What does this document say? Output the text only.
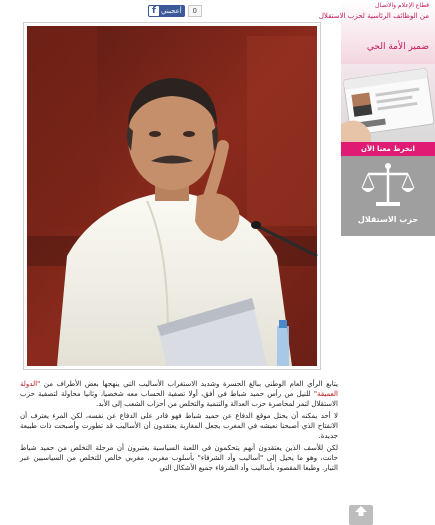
f أعجبني	0

يتابع الرأي العام الوطني ببالغ الحسرة وشديد الاستغراب الأساليب التي ينهجها بعض الأطراف من "الدولة العميقة" للنيل من رأس حميد شباط في أفق، أولا تصفية الحساب معه شخصيا، وثانيا محاولة لتصفية حزب الاستقلال لتمر لمحاصرة حزب العدالة والتنمية والتخلص من أحزاب الشعب إلى الأبد.

لا أحد يمكنه أن يحتل موقع الدفاع عن حميد شباط فهو قادر على الدفاع عن نفسه، لكن المرء يعترف أن الانفتاح الذي أصبحنا نعيشه في المغرب يجعل المغاربة يعتقدون أن الأساليب قد تطورت وأصبحت ذات طبيعة جديدة.

لكن للأسف الذين يعتقدون أنهم يتحكمون في اللعبة السياسية يعتبرون أن مرحلة التخلص من حميد شباط حانت، وهو ما يحيل إلى "أساليب وأد الشرفاء" بأسلوب مغربي، مغربي خالص للتخلص من السياسيين عبر التيار. وطبعا المقصود بأساليب وأد الشرفاء جميع الأشكال التي

قطاع الإعلام والاتصال
من الوظائف الرئاسية لحزب الاستقلال
ضمير الأمة الحي
انخرط معنا الآن
حزب الاستقلال
